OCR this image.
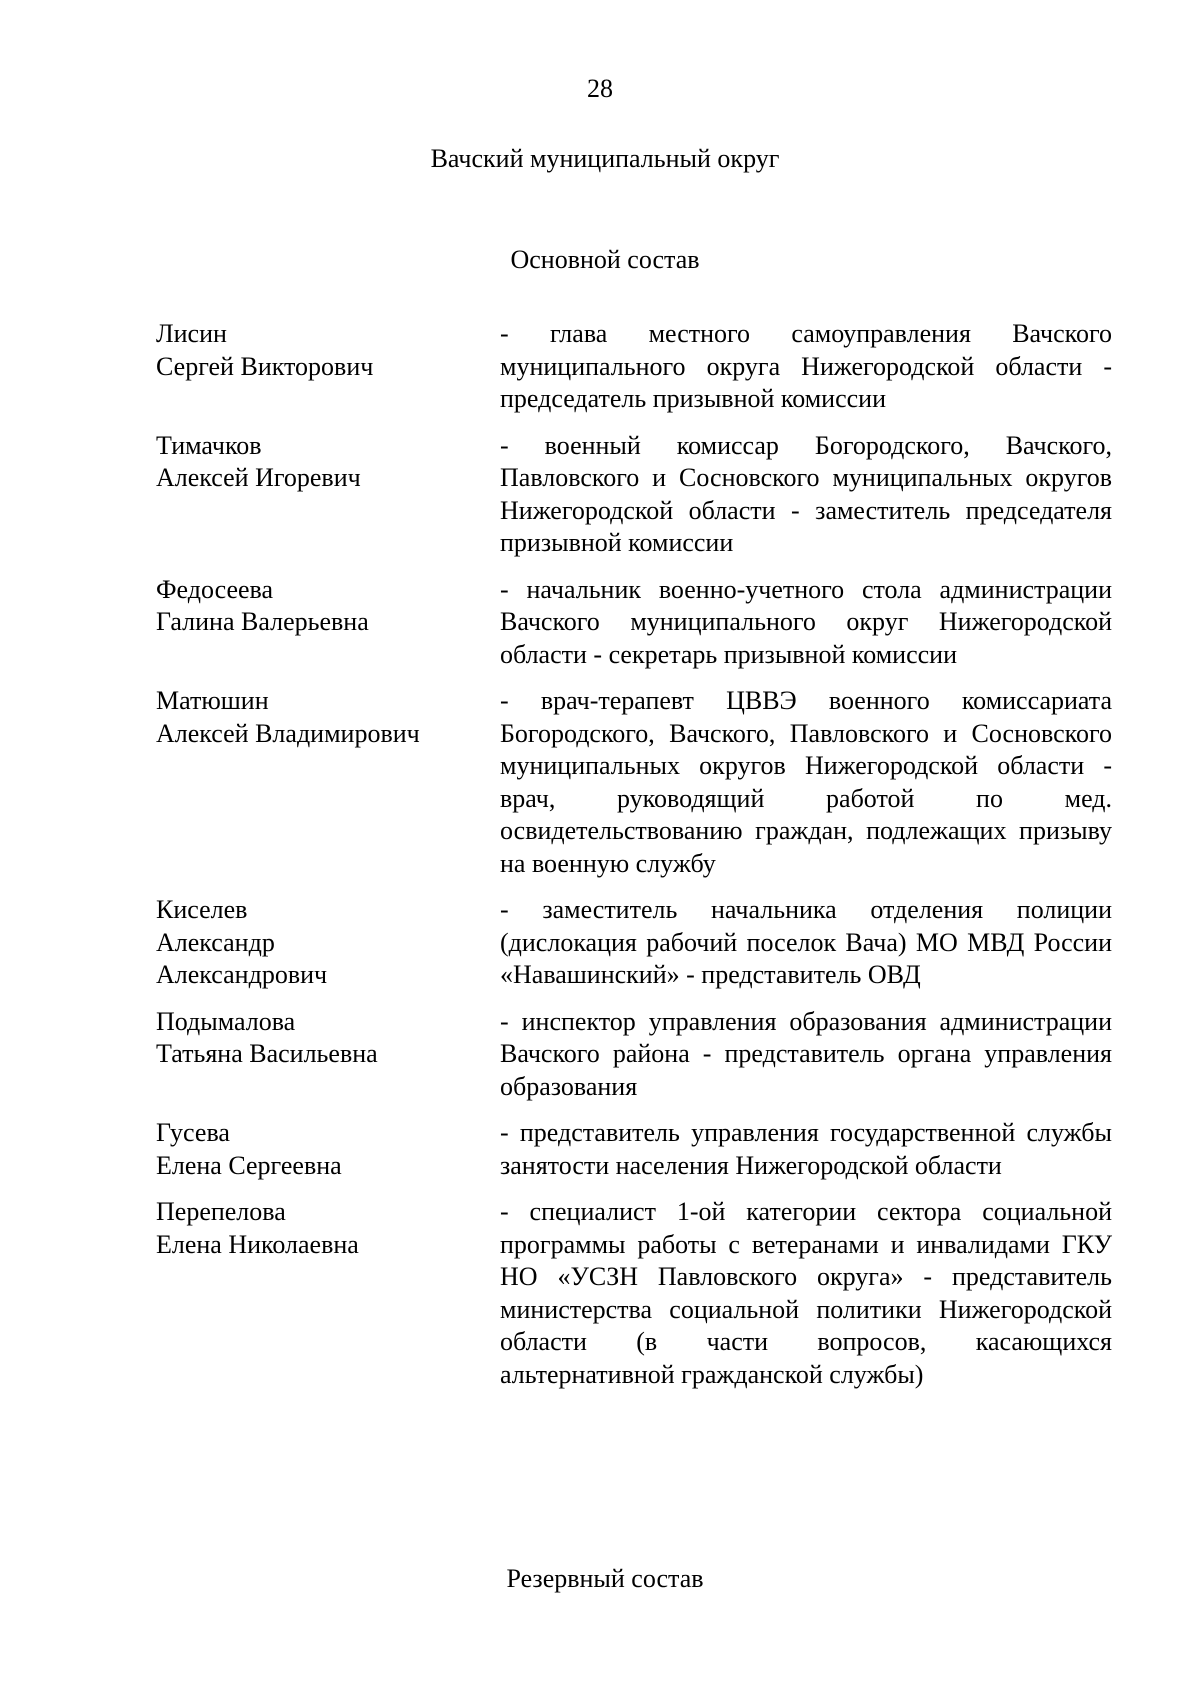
28
Вачский муниципальный округ
Основной состав
Лисин
Сергей Викторович
- глава местного самоуправления Вачского муниципального округа Нижегородской области - председатель призывной комиссии
Тимачков
Алексей Игоревич
- военный комиссар Богородского, Вачского, Павловского и Сосновского муниципальных округов Нижегородской области - заместитель председателя призывной комиссии
Федосеева
Галина Валерьевна
- начальник военно-учетного стола администрации Вачского муниципального округ Нижегородской области - секретарь призывной комиссии
Матюшин
Алексей Владимирович
- врач-терапевт ЦВВЭ военного комиссариата Богородского, Вачского, Павловского и Сосновского муниципальных округов Нижегородской области - врач, руководящий работой по мед. освидетельствованию граждан, подлежащих призыву на военную службу
Киселев
Александр
Александрович
- заместитель начальника отделения полиции (дислокация рабочий поселок Вача) МО МВД России «Навашинский» - представитель ОВД
Подымалова
Татьяна Васильевна
- инспектор управления образования администрации Вачского района - представитель органа управления образования
Гусева
Елена Сергеевна
- представитель управления государственной службы занятости населения Нижегородской области
Перепелова
Елена Николаевна
- специалист 1-ой категории сектора социальной программы работы с ветеранами и инвалидами ГКУ НО «УСЗН Павловского округа» - представитель министерства социальной политики Нижегородской области (в части вопросов, касающихся альтернативной гражданской службы)
Резервный состав
